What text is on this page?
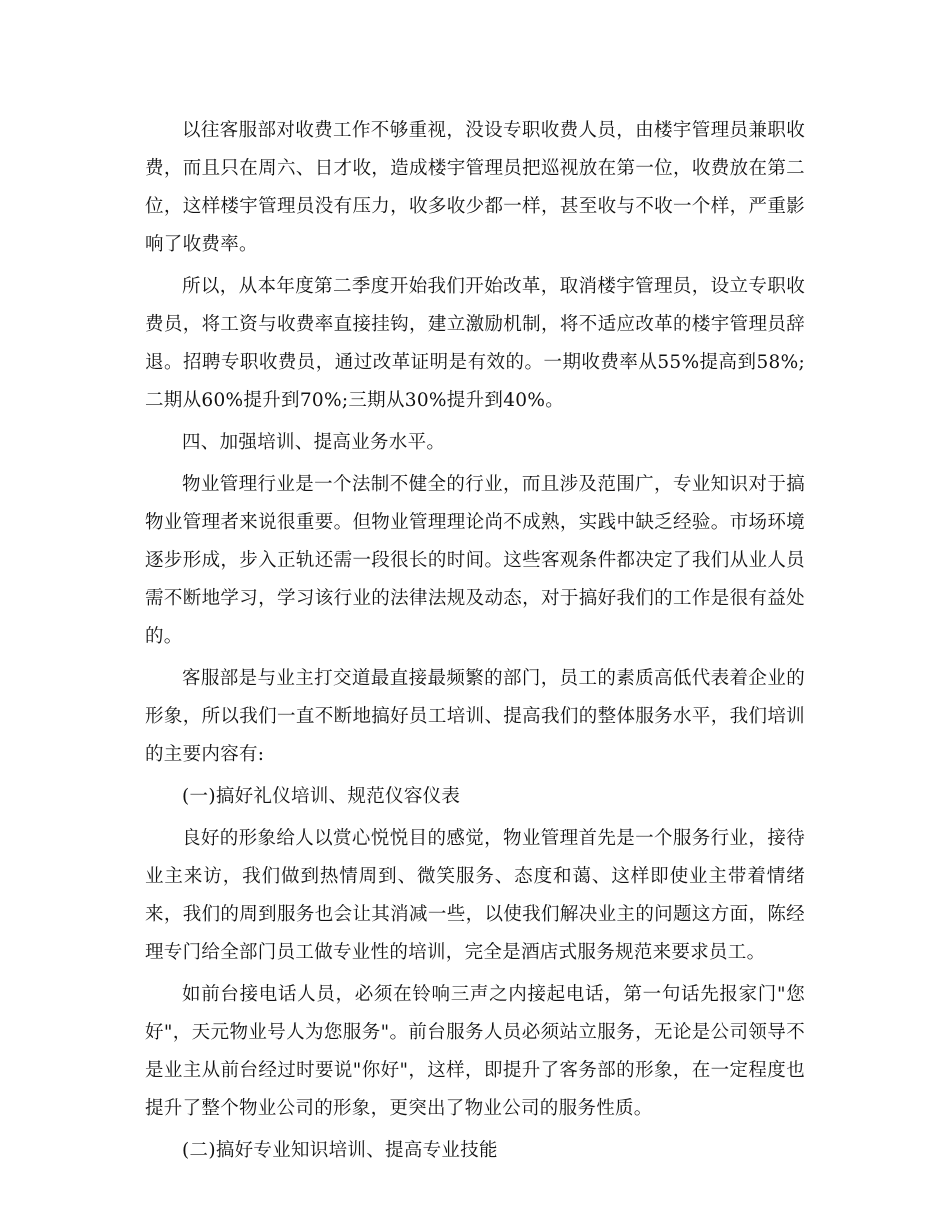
以往客服部对收费工作不够重视，没设专职收费人员，由楼宇管理员兼职收费，而且只在周六、日才收，造成楼宇管理员把巡视放在第一位，收费放在第二位，这样楼宇管理员没有压力，收多收少都一样，甚至收与不收一个样，严重影响了收费率。

所以，从本年度第二季度开始我们开始改革，取消楼宇管理员，设立专职收费员，将工资与收费率直接挂钩，建立激励机制，将不适应改革的楼宇管理员辞退。招聘专职收费员，通过改革证明是有效的。一期收费率从55%提高到58%;二期从60%提升到70%;三期从30%提升到40%。

四、加强培训、提高业务水平。

物业管理行业是一个法制不健全的行业，而且涉及范围广，专业知识对于搞物业管理者来说很重要。但物业管理理论尚不成熟，实践中缺乏经验。市场环境逐步形成，步入正轨还需一段很长的时间。这些客观条件都决定了我们从业人员需不断地学习，学习该行业的法律法规及动态，对于搞好我们的工作是很有益处的。

客服部是与业主打交道最直接最频繁的部门，员工的素质高低代表着企业的形象，所以我们一直不断地搞好员工培训、提高我们的整体服务水平，我们培训的主要内容有:

(一)搞好礼仪培训、规范仪容仪表

良好的形象给人以赏心悦悦目的感觉，物业管理首先是一个服务行业，接待业主来访，我们做到热情周到、微笑服务、态度和蔼、这样即使业主带着情绪来，我们的周到服务也会让其消减一些，以使我们解决业主的问题这方面，陈经理专门给全部门员工做专业性的培训，完全是酒店式服务规范来要求员工。

如前台接电话人员，必须在铃响三声之内接起电话，第一句话先报家门"您好"，天元物业号人为您服务"。前台服务人员必须站立服务，无论是公司领导不是业主从前台经过时要说"你好"，这样，即提升了客务部的形象，在一定程度也提升了整个物业公司的形象，更突出了物业公司的服务性质。

(二)搞好专业知识培训、提高专业技能
